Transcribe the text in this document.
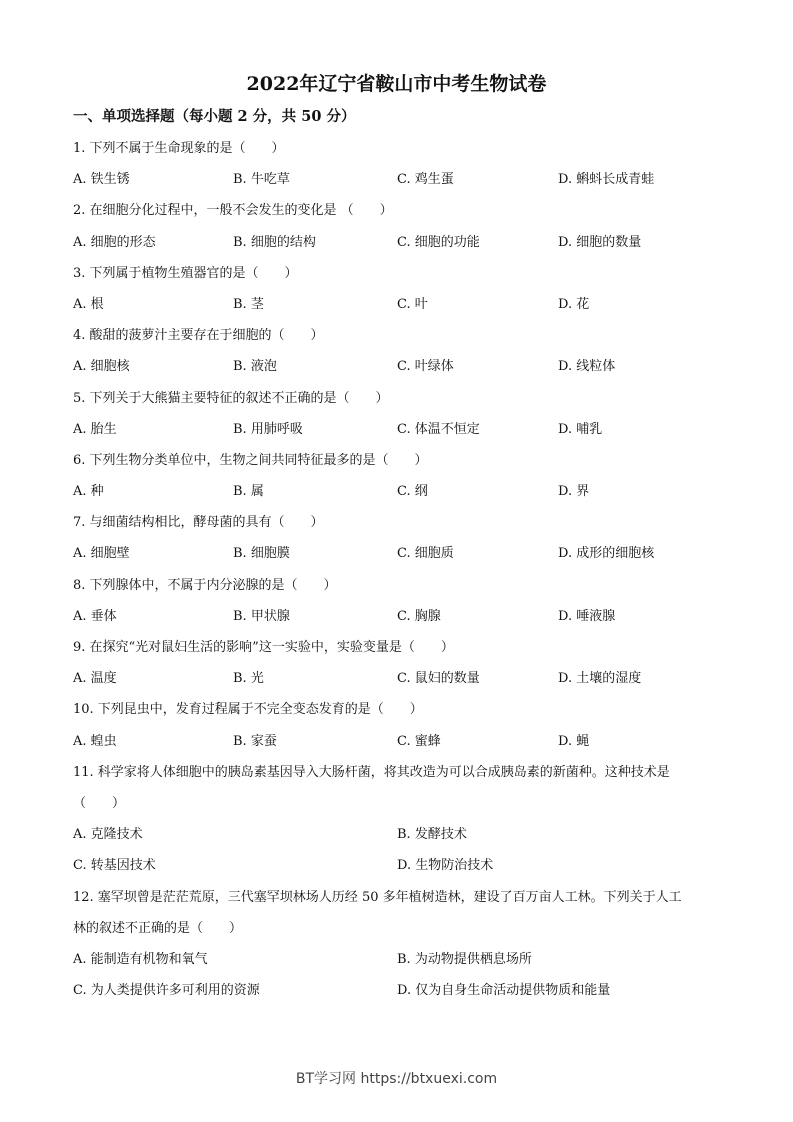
2022年辽宁省鞍山市中考生物试卷
一、单项选择题（每小题 2 分，共 50 分）
1. 下列不属于生命现象的是（　　）
A. 铁生锈	B. 牛吃草	C. 鸡生蛋	D. 蝌蚪长成青蛙
2. 在细胞分化过程中，一般不会发生的变化是 （　　）
A. 细胞的形态	B. 细胞的结构	C. 细胞的功能	D. 细胞的数量
3. 下列属于植物生殖器官的是（　　）
A. 根	B. 茎	C. 叶	D. 花
4. 酸甜的菠萝汁主要存在于细胞的（　　）
A. 细胞核	B. 液泡	C. 叶绿体	D. 线粒体
5. 下列关于大熊猫主要特征的叙述不正确的是（　　）
A. 胎生	B. 用肺呼吸	C. 体温不恒定	D. 哺乳
6. 下列生物分类单位中，生物之间共同特征最多的是（　　）
A. 种	B. 属	C. 纲	D. 界
7. 与细菌结构相比，酵母菌的具有（　　）
A. 细胞壁	B. 细胞膜	C. 细胞质	D. 成形的细胞核
8. 下列腺体中，不属于内分泌腺的是（　　）
A. 垂体	B. 甲状腺	C. 胸腺	D. 唾液腺
9. 在探究“光对鼠妇生活的影响”这一实验中，实验变量是（　　）
A. 温度	B. 光	C. 鼠妇的数量	D. 土壤的湿度
10. 下列昆虫中，发育过程属于不完全变态发育的是（　　）
A. 蝗虫	B. 家蚕	C. 蜜蜂	D. 蝇
11. 科学家将人体细胞中的胰岛素基因导入大肠杆菌，将其改造为可以合成胰岛素的新菌种。这种技术是
（　　）
A. 克隆技术	B. 发酵技术
C. 转基因技术	D. 生物防治技术
12. 塞罕坝曾是茫茫荒原，三代塞罕坝林场人历经 50 多年植树造林，建设了百万亩人工林。下列关于人工
林的叙述不正确的是（　　）
A. 能制造有机物和氧气	B. 为动物提供栖息场所
C. 为人类提供许多可利用的资源	D. 仅为自身生命活动提供物质和能量
BT学习网 https://btxuexi.com
